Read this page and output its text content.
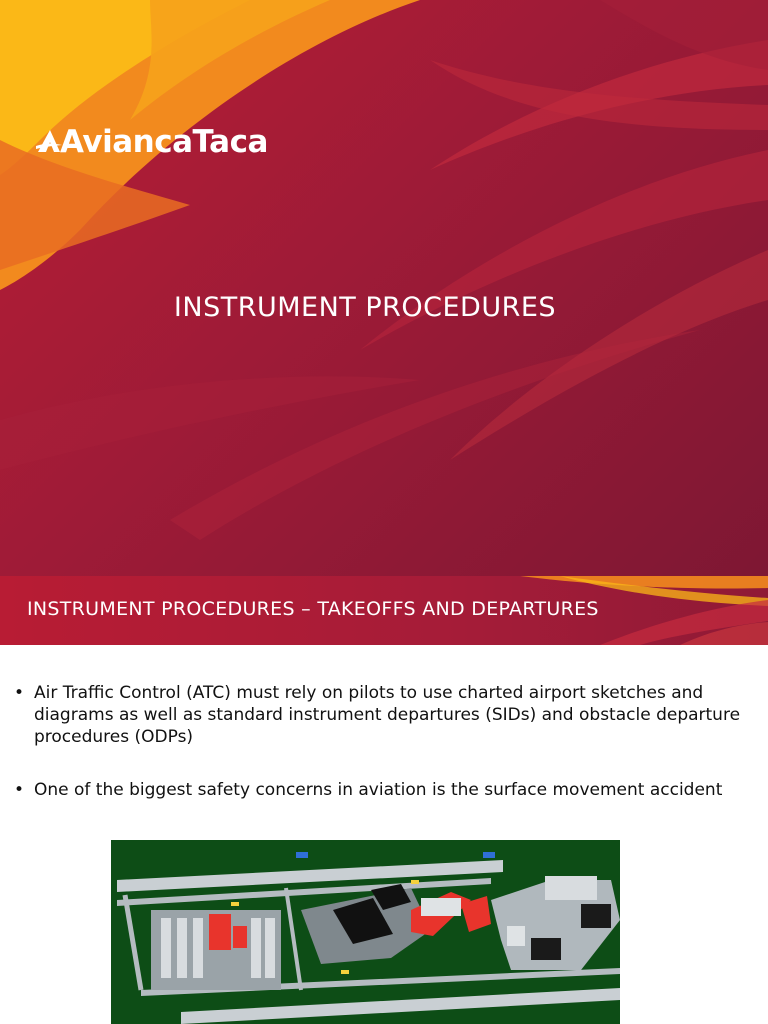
AviancaTaca
INSTRUMENT PROCEDURES
INSTRUMENT PROCEDURES – TAKEOFFS AND DEPARTURES
• Air Traffic Control (ATC) must rely on pilots to use charted airport sketches and diagrams as well as standard instrument departures (SIDs) and obstacle departure procedures (ODPs)
• One of the biggest safety concerns in aviation is the surface movement accident
